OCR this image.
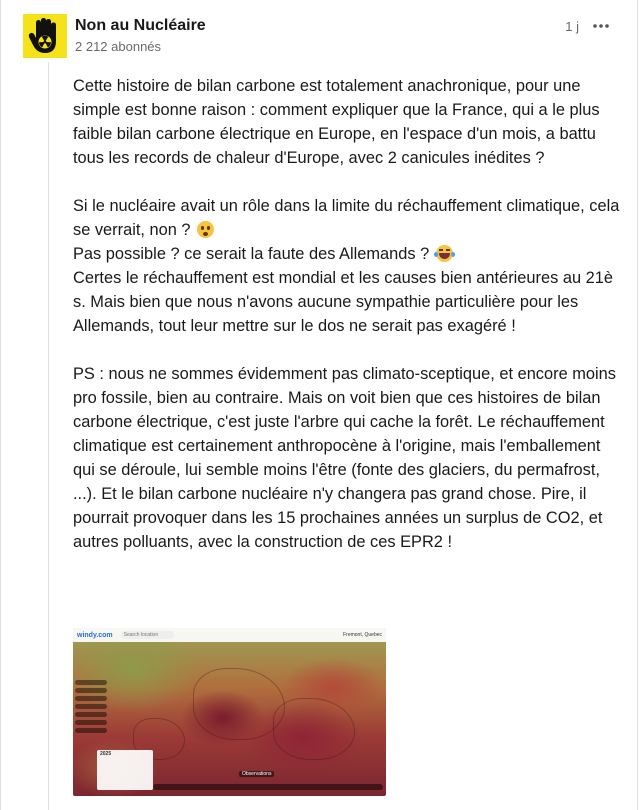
Non au Nucléaire
2 212 abonnés
1 j

Cette histoire de bilan carbone est totalement anachronique, pour une simple est bonne raison : comment expliquer que la France, qui a le plus faible bilan carbone électrique en Europe, en l'espace d'un mois, a battu tous les records de chaleur d'Europe, avec 2 canicules inédites ?

Si le nucléaire avait un rôle dans la limite du réchauffement climatique, cela se verrait, non ?

Pas possible ? ce serait la faute des Allemands ?

Certes le réchauffement est mondial et les causes bien antérieures au 21è s. Mais bien que nous n'avons aucune sympathie particulière pour les Allemands, tout leur mettre sur le dos ne serait pas exagéré !

PS : nous ne sommes évidemment pas climato-sceptique, et encore moins pro fossile, bien au contraire. Mais on voit bien que ces histoires de bilan carbone électrique, c'est juste l'arbre qui cache la forêt. Le réchauffement climatique est certainement anthropocène à l'origine, mais l'emballement qui se déroule, lui semble moins l'être (fonte des glaciers, du permafrost, ...). Et le bilan carbone nucléaire n'y changera pas grand chose. Pire, il pourrait provoquer dans les 15 prochaines années un surplus de CO2, et autres polluants, avec la construction de ces EPR2 !

windy.com	Search location	Fremont, Quebec
2025
Observations
